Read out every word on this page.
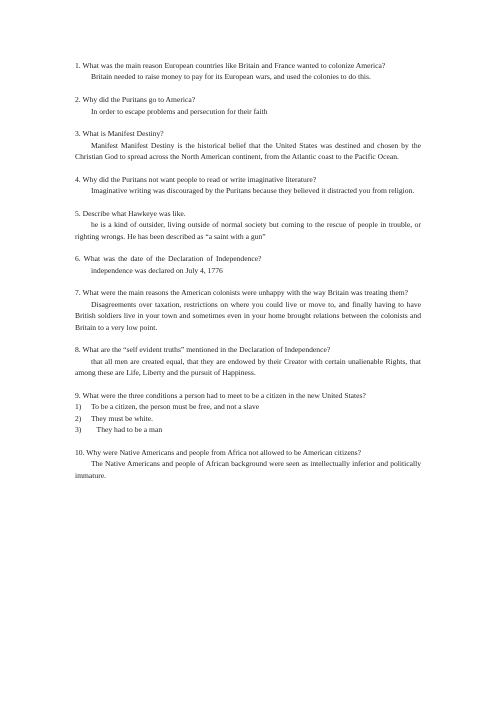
1. What was the main reason European countries like Britain and France wanted to colonize America?

Britain needed to raise money to pay for its European wars, and used the colonies to do this.

2. Why did the Puritans go to America?

In order to escape problems and persecution for their faith

3. What is Manifest Destiny?

Manifest Manifest Destiny is the historical belief that the United States was destined and chosen by the Christian God to spread across the North American continent, from the Atlantic coast to the Pacific Ocean.

4. Why did the Puritans not want people to read or write imaginative literature?

Imaginative writing was discouraged by the Puritans because they believed it distracted you from religion.

5. Describe what Hawkeye was like.

he is a kind of outsider, living outside of normal society but coming to the rescue of people in trouble, or righting wrongs. He has been described as “a saint with a gun”

6. What was the date of the Declaration of Independence?

independence was declared on July 4, 1776

7. What were the main reasons the American colonists were unhappy with the way Britain was treating them?

Disagreements over taxation, restrictions on where you could live or move to, and finally having to have British soldiers live in your town and sometimes even in your home brought relations between the colonists and Britain to a very low point.

8. What are the “self evident truths” mentioned in the Declaration of Independence?

that all men are created equal, that they are endowed by their Creator with certain unalienable Rights, that among these are Life, Liberty and the pursuit of Happiness.

9. What were the three conditions a person had to meet to be a citizen in the new United States?

1)	To be a citizen, the person must be free, and not a slave
2)	They must be white.
3)	They had to be a man

10. Why were Native Americans and people from Africa not allowed to be American citizens?

The Native Americans and people of African background were seen as intellectually inferior and politically immature.
